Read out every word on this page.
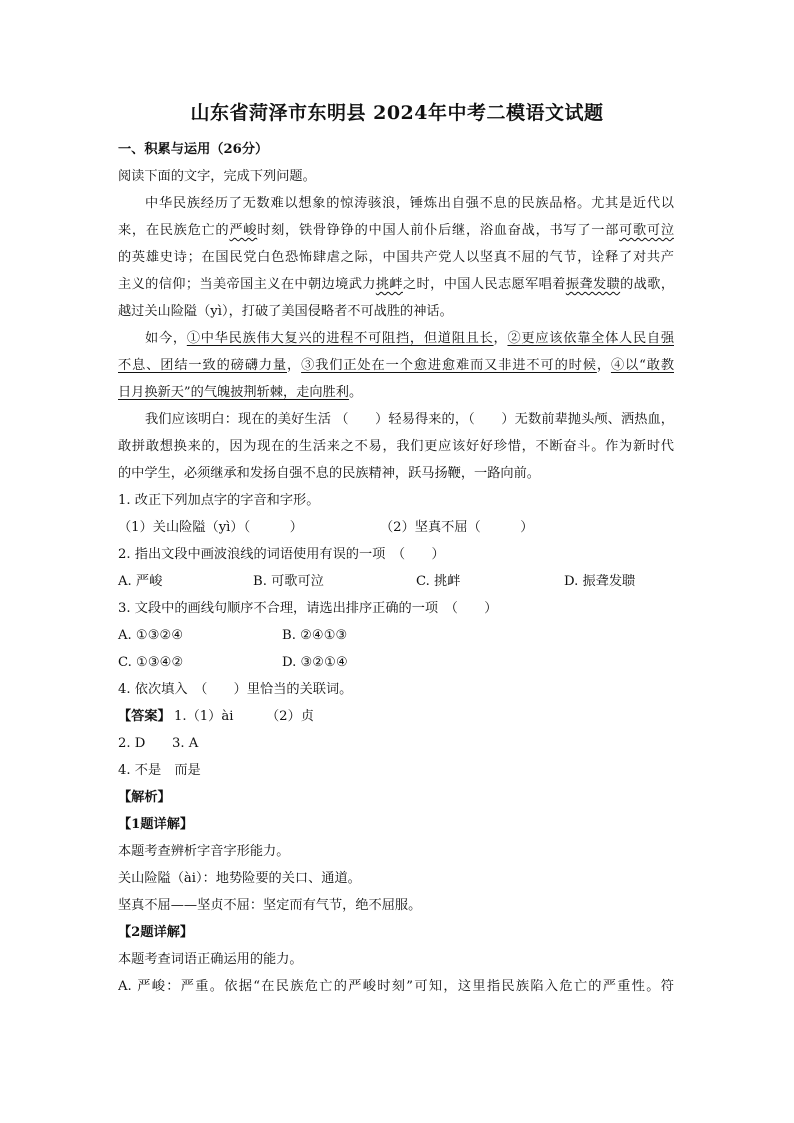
山东省菏泽市东明县 2024年中考二模语文试题
一、积累与运用（26分）
阅读下面的文字，完成下列问题。
中华民族经历了无数难以想象的惊涛骇浪，锤炼出自强不息的民族品格。尤其是近代以
来，在民族危亡的严峻时刻，铁骨铮铮的中国人前仆后继，浴血奋战，书写了一部可歌可泣
的英雄史诗；在国民党白色恐怖肆虐之际，中国共产党人以坚真不屈的气节，诠释了对共产
主义的信仰；当美帝国主义在中朝边境武力挑衅之时，中国人民志愿军唱着振聋发聩的战歌，
越过关山险隘（yì），打破了美国侵略者不可战胜的神话。
如今，①中华民族伟大复兴的进程不可阻挡，但道阻且长，②更应该依靠全体人民自强
不息、团结一致的磅礴力量，③我们正处在一个愈进愈难而又非进不可的时候，④以“敢教
日月换新天”的气魄披荆斩棘，走向胜利。
我们应该明白：现在的美好生活 （　　）轻易得来的，（　　）无数前辈抛头颅、洒热血，
敢拼敢想换来的，因为现在的生活来之不易，我们更应该好好珍惜，不断奋斗。作为新时代
的中学生，必须继承和发扬自强不息的民族精神，跃马扬鞭，一路向前。
1. 改正下列加点字的字音和字形。
（1）关山险隘（yì）（　　　）	（2）坚真不屈（　　　）
2. 指出文段中画波浪线的词语使用有误的一项　（　　）
A. 严峻	B. 可歌可泣	C. 挑衅	D. 振聋发聩
3. 文段中的画线句顺序不合理，请选出排序正确的一项　（　　）
A. ①③②④	B. ②④①③
C. ①③④②	D. ③②①④
4. 依次填入　（　　）里恰当的关联词。
【答案】 1.（1）ài （2）贞
2. D 3. A
4. 不是　而是
【解析】
【1题详解】
本题考查辨析字音字形能力。
关山险隘（ài）：地势险要的关口、通道。
坚真不屈——坚贞不屈：坚定而有气节，绝不屈服。
【2题详解】
本题考查词语正确运用的能力。
A. 严峻：严重。依据“在民族危亡的严峻时刻”可知，这里指民族陷入危亡的严重性。符
